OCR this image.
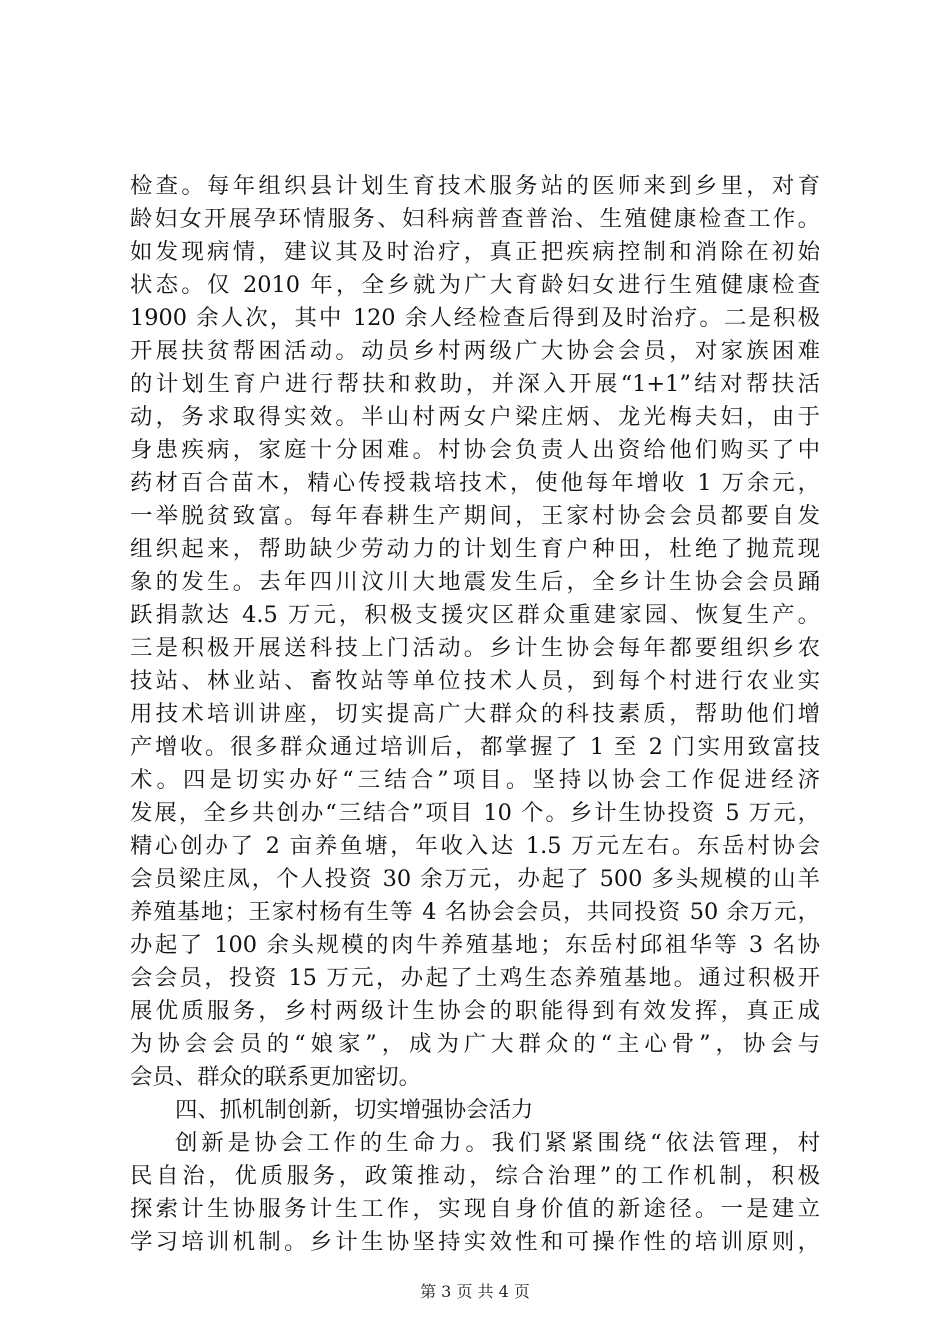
检查。每年组织县计划生育技术服务站的医师来到乡里，对育
龄妇女开展孕环情服务、妇科病普查普治、生殖健康检查工作。
如发现病情，建议其及时治疗，真正把疾病控制和消除在初始
状态。仅 2010 年，全乡就为广大育龄妇女进行生殖健康检查
1900 余人次，其中 120 余人经检查后得到及时治疗。二是积极
开展扶贫帮困活动。动员乡村两级广大协会会员，对家族困难
的计划生育户进行帮扶和救助，并深入开展“1+1”结对帮扶活
动，务求取得实效。半山村两女户梁庄炳、龙光梅夫妇，由于
身患疾病，家庭十分困难。村协会负责人出资给他们购买了中
药材百合苗木，精心传授栽培技术，使他每年增收 1 万余元，
一举脱贫致富。每年春耕生产期间，王家村协会会员都要自发
组织起来，帮助缺少劳动力的计划生育户种田，杜绝了抛荒现
象的发生。去年四川汶川大地震发生后，全乡计生协会会员踊
跃捐款达 4.5 万元，积极支援灾区群众重建家园、恢复生产。
三是积极开展送科技上门活动。乡计生协会每年都要组织乡农
技站、林业站、畜牧站等单位技术人员，到每个村进行农业实
用技术培训讲座，切实提高广大群众的科技素质，帮助他们增
产增收。很多群众通过培训后，都掌握了 1 至 2 门实用致富技
术。四是切实办好“三结合”项目。坚持以协会工作促进经济
发展，全乡共创办“三结合”项目 10 个。乡计生协投资 5 万元，
精心创办了 2 亩养鱼塘，年收入达 1.5 万元左右。东岳村协会
会员梁庄凤，个人投资 30 余万元，办起了 500 多头规模的山羊
养殖基地；王家村杨有生等 4 名协会会员，共同投资 50 余万元，
办起了 100 余头规模的肉牛养殖基地；东岳村邱祖华等 3 名协
会会员，投资 15 万元，办起了土鸡生态养殖基地。通过积极开
展优质服务，乡村两级计生协会的职能得到有效发挥，真正成
为协会会员的“娘家”，成为广大群众的“主心骨”，协会与
会员、群众的联系更加密切。
四、抓机制创新，切实增强协会活力
创新是协会工作的生命力。我们紧紧围绕“依法管理，村
民自治，优质服务，政策推动，综合治理”的工作机制，积极
探索计生协服务计生工作，实现自身价值的新途径。一是建立
学习培训机制。乡计生协坚持实效性和可操作性的培训原则，
第 3 页 共 4 页
